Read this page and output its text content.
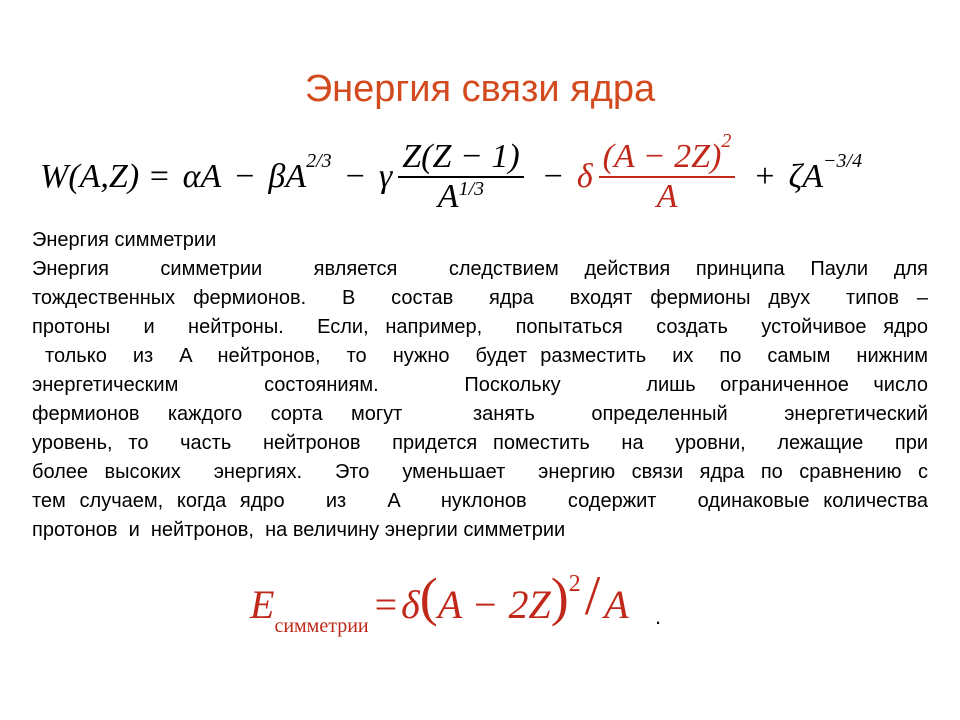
Энергия связи ядра
W(A,Z) = αA − βA 2/3 − γ $\frac{Z(Z - 1)}{A^{1/3}} - \delta \frac{(A - 2Z)^2}{A} + \zeta A -3/4$
Энергия симметрии
Энергия  симметрии  является  следствием действия принципа Паули для
тождественных фермионов.  В  состав  ядра  входят фермионы двух  типов –
протоны  и  нейтроны.  Если, например,  попытаться  создать  устойчивое ядро
только  из  A  нейтронов,  то  нужно  будет разместить  их  по  самым  нижним
энергетическим       состояниям.       Поскольку       лишь  ограниченное  число
фермионов  каждого  сорта  могут     занять    определенный    энергетический
уровень, то  часть  нейтронов  придется поместить  на  уровни,  лежащие  при
более высоких  энергиях.  Это  уменьшает  энергию связи ядра по сравнению с
тем случаем, когда ядро   из   A   нуклонов   содержит   одинаковые количества
протонов  и  нейтронов,  на величину энергии симметрии
E симметрии = δ ( A − 2Z ) 2 / A .
